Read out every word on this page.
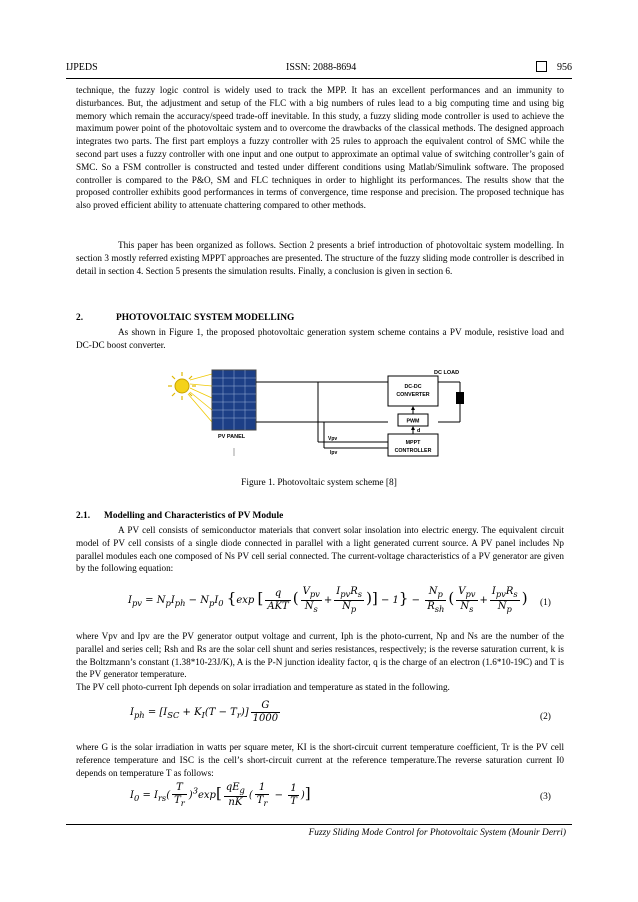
IJPEDS	ISSN: 2088-8694	956

technique, the fuzzy logic control is widely used to track the MPP. It has an excellent performances and an immunity to disturbances. But, the adjustment and setup of the FLC with a big numbers of rules lead to a big computing time and using big memory which remain the accuracy/speed trade-off inevitable. In this study, a fuzzy sliding mode controller is used to achieve the maximum power point of the photovoltaic system and to overcome the drawbacks of the classical methods. The designed approach integrates two parts. The first part employs a fuzzy controller with 25 rules to approach the equivalent control of SMC while the second part uses a fuzzy controller with one input and one output to approximate an optimal value of switching controller’s gain of SMC. So a FSM controller is constructed and tested under different conditions using Matlab/Simulink software. The proposed controller is compared to the P&O, SM and FLC techniques in order to highlight its performances. The results show that the proposed controller exhibits good performances in terms of convergence, time response and precision. The proposed technique has also proved efficient ability to attenuate chattering compared to other methods.

This paper has been organized as follows. Section 2 presents a brief introduction of photovoltaic system modelling. In section 3 mostly referred existing MPPT approaches are presented. The structure of the fuzzy sliding mode controller is described in detail in section 4. Section 5 presents the simulation results. Finally, a conclusion is given in section 6.

2.	PHOTOVOLTAIC SYSTEM MODELLING

As shown in Figure 1, the proposed photovoltaic generation system scheme contains a PV module, resistive load and DC-DC boost converter.

PV PANEL
DC-DC
CONVERTER
DC LOAD
PWM
d
MPPT
CONTROLLER
Vpv
Ipv
Figure 1. Photovoltaic system scheme [8]
2.1. Modelling and Characteristics of PV Module

A PV cell consists of semiconductor materials that convert solar insolation into electric energy. The equivalent circuit model of PV cell consists of a single diode connected in parallel with a light generated current source. A PV panel includes Np parallel modules each one composed of Ns PV cell serial connected. The current-voltage characteristics of a PV generator are given by the following equation:

$I_{pv} = N_pI_{ph} - N_pI_0$ {exp [ $\frac{q}{\text{AKT}}$ ( $\frac{V_{pv}}{N_s} + \frac{I_{pv}R_s}{N_p}$ )] − $1\} - \frac{N_p}{R_{sh}}$ ( $\frac{V_{pv}}{N_s} + \frac{I_{pv}R_s}{N_p}$ ) (1)

where Vpv and Ipv are the PV generator output voltage and current, Iph is the photo-current, Np and Ns are the number of the parallel and series cell; Rsh and Rs are the solar cell shunt and series resistances, respectively; is the reverse saturation current, k is the Boltzmann’s constant (1.38*10-23J/K), A is the P-N junction ideality factor, q is the charge of an electron (1.6*10-19C) and T is the PV generator temperature.

The PV cell photo-current Iph depends on solar irradiation and temperature as stated in the following.

$I_{ph} = [I_{SC} + K_I(T - T_r)] \frac{G}{1000}$	(2)

where G is the solar irradiation in watts per square meter, KI is the short-circuit current temperature coefficient, Tr is the PV cell reference temperature and ISC is the cell’s short-circuit current at the reference temperature.The reverse saturation current I0 depends on temperature T as follows:

$I_0 = I_{rs}( \frac{T}{T_r} )^3\exp[ \frac{qE_g}{nK}$ ( $\frac{1}{T_r} - \frac{1}{T}$ )]	(3)
Fuzzy Sliding Mode Control for Photovoltaic System (Mounir Derri)
